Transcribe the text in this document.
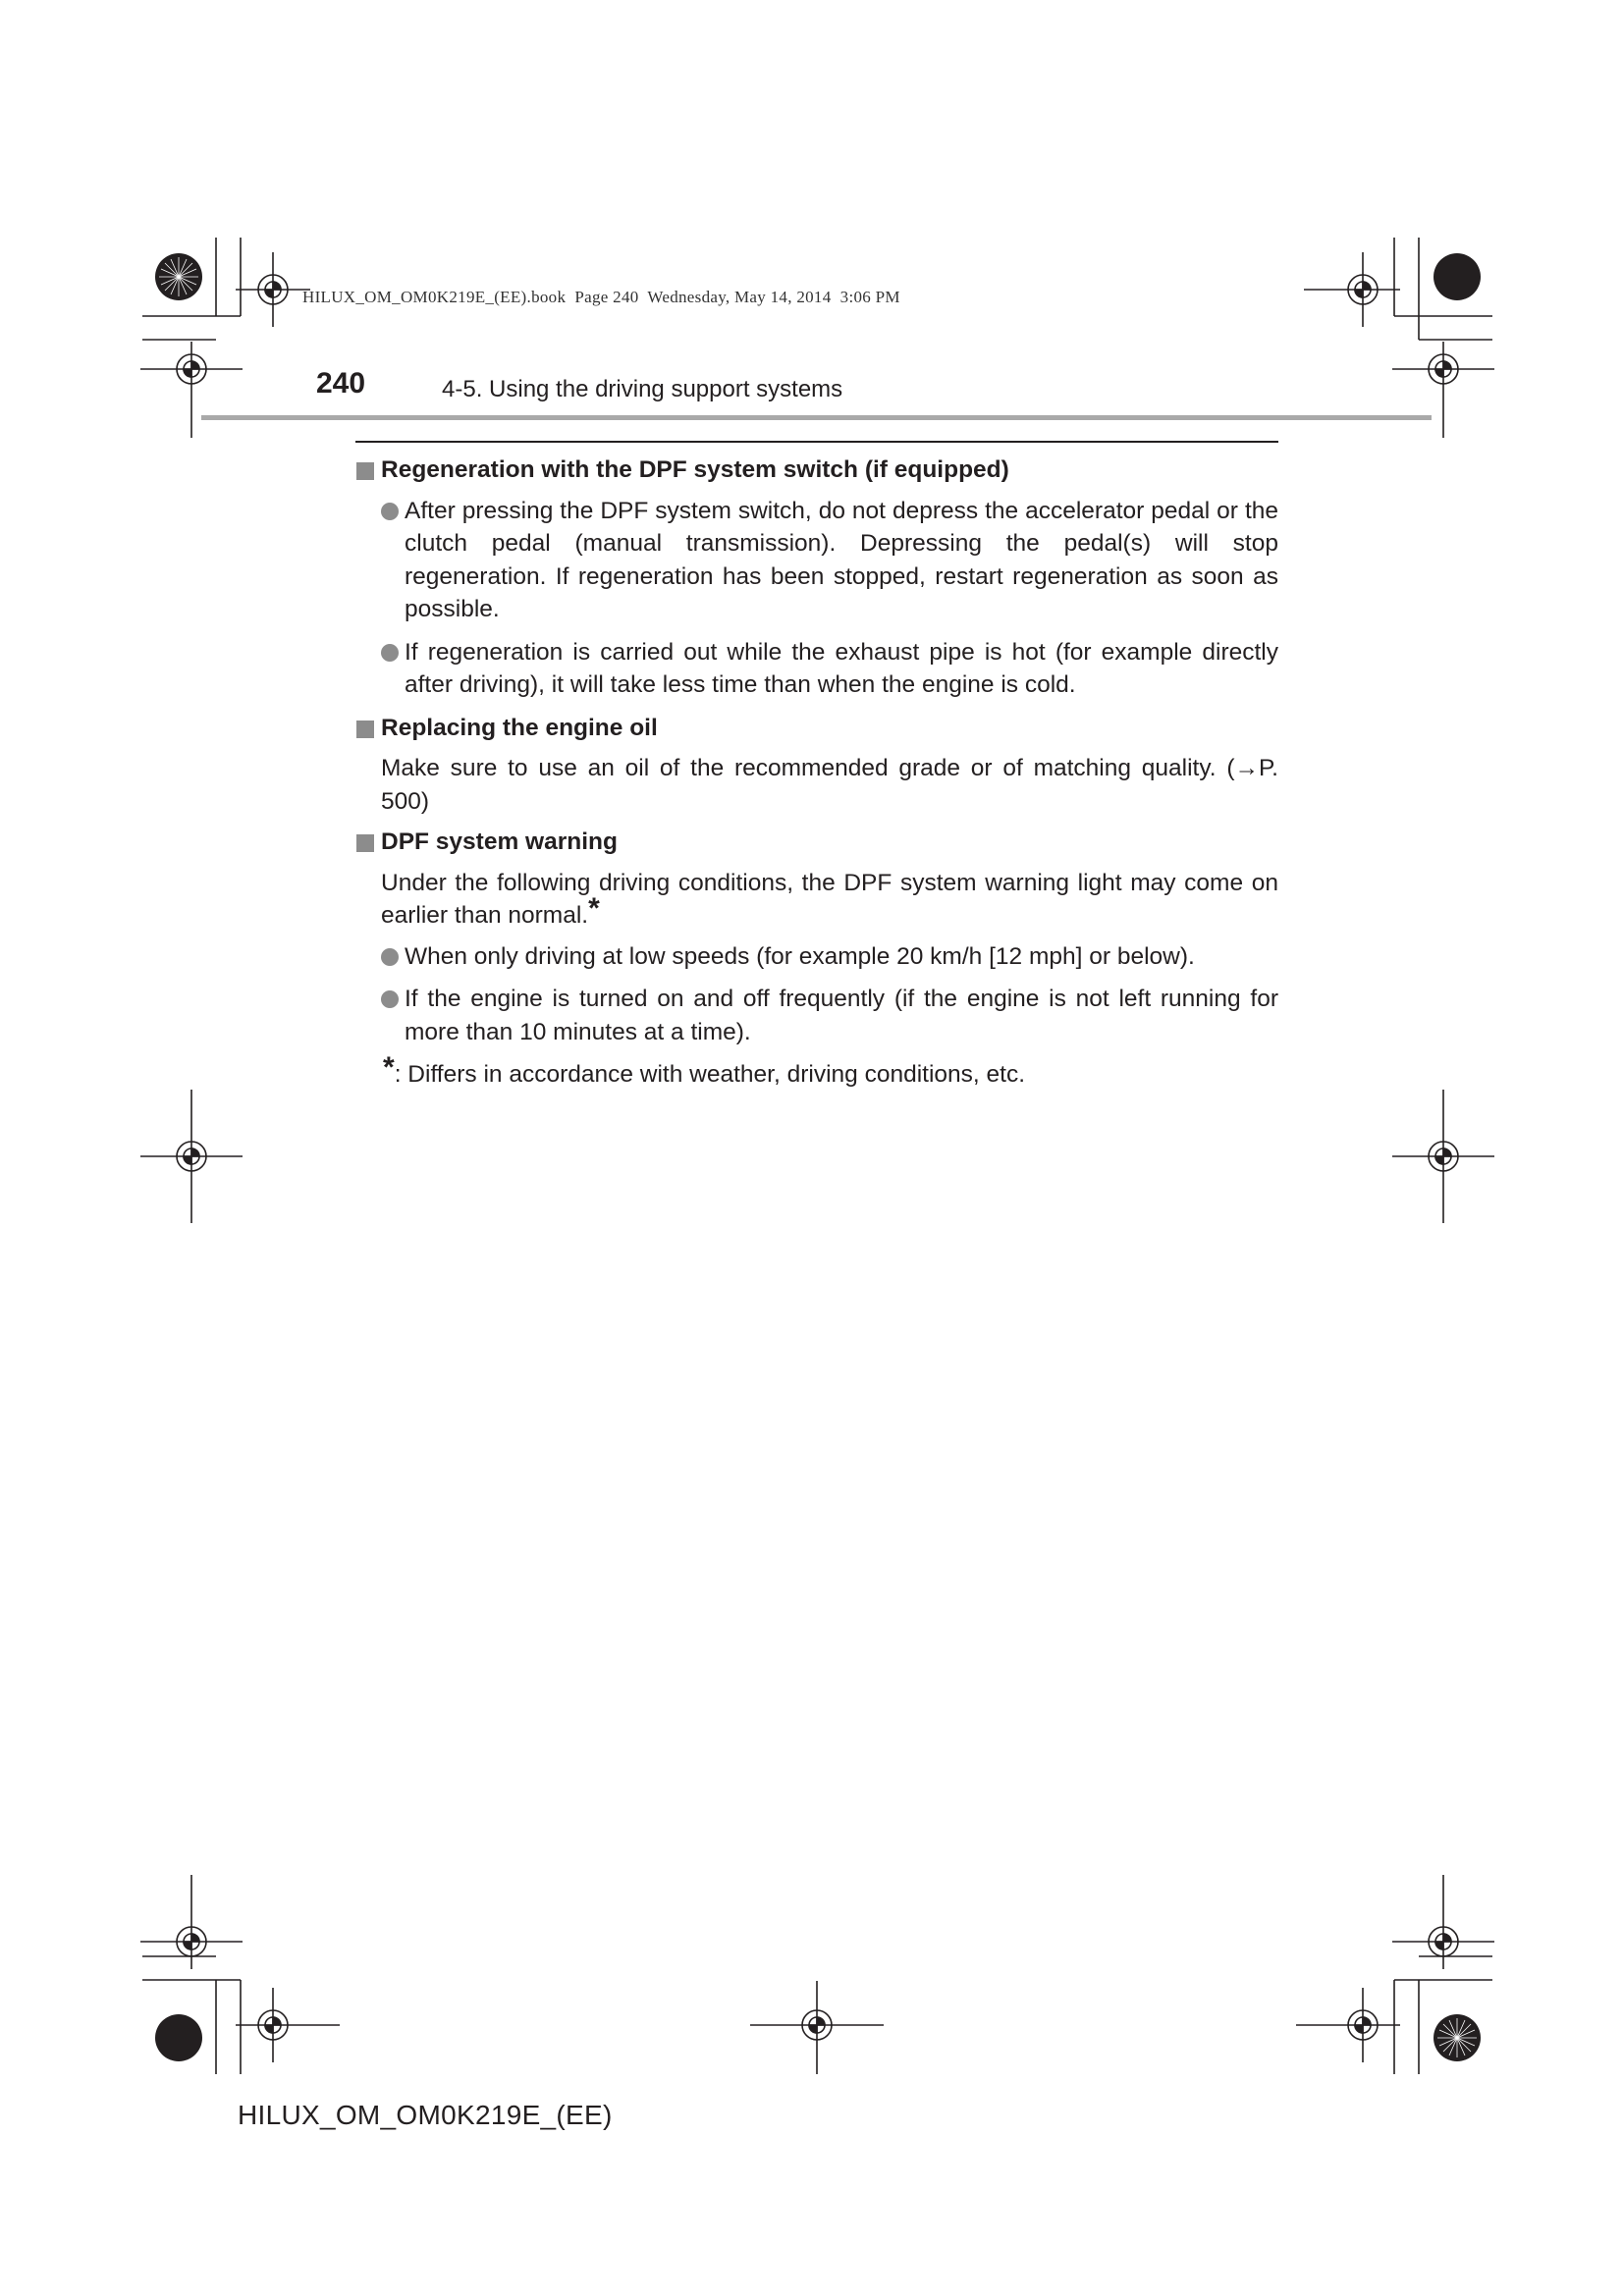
HILUX_OM_OM0K219E_(EE).book Page 240 Wednesday, May 14, 2014 3:06 PM
240	4-5. Using the driving support systems
Regeneration with the DPF system switch (if equipped)
After pressing the DPF system switch, do not depress the accelerator pedal or the clutch pedal (manual transmission). Depressing the pedal(s) will stop regeneration. If regeneration has been stopped, restart regeneration as soon as possible.
If regeneration is carried out while the exhaust pipe is hot (for example directly after driving), it will take less time than when the engine is cold.
Replacing the engine oil
Make sure to use an oil of the recommended grade or of matching quality. (→P. 500)
DPF system warning
Under the following driving conditions, the DPF system warning light may come on earlier than normal.*
When only driving at low speeds (for example 20 km/h [12 mph] or below).
If the engine is turned on and off frequently (if the engine is not left running for more than 10 minutes at a time).
*: Differs in accordance with weather, driving conditions, etc.
HILUX_OM_OM0K219E_(EE)
